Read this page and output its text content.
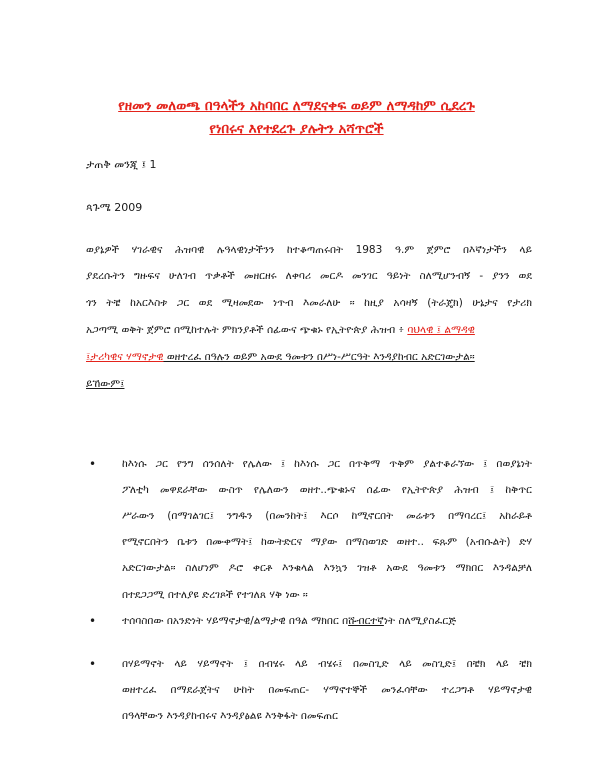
የዘመን መለወጫ በዓላችን አከባበር ለማደናቀፍ ወይም ለማዳከም ሲደረጉ
የነበሩና እየተደረጉ ያሉትን አሻጥሮች
ታጠቅ መንጂ ፤ 1
ጳጉሜ 2009
ወያኔዎች ሃገራዊና ሕዝባዊ ሉዓላዊነታችንን ከተቆጣጠሩበት 1983 ዓ.ም ጀምሮ በእኛነታችን ላይ
ያደረሱትን ግዙፍና ሁለገብ ጥቃቶች መዘርዘሩ ለቀባሪ መርዶ መንገር ዓይነት ስለሚሆንብኝ - ያንን ወደ
ጎን ትቼ ከአርእስቱ ጋር ወደ ሚዛመደው ነጥብ እመራለሁ ። ከዚያ አሳዛኝ (ትራጄክ) ሁኔታና የታሪክ
አጋጣሚ ወቅት ጀምሮ በሚከተሉት ምክንያቶች ሰፊውና ጭቁኑ የኢትዮጵያ ሕዝብ ፥ ባህላዊ ፤ ልማዳዊ
፤ታሪካዊና ሃማኖታዊ ወዘተረፈ በዓሉን ወይም አውደ ዓመቱን በሥነ-ሥርዓት እንዳያከብር አድርገውታል።
ይኸውም፤
• ከእነሱ ጋር የንግ ሰንሰለት የሌለው ፤ ከእነሱ ጋር በጥቅማ ጥቅም ያልተቆራኘው ፤ በወያኔነት
ፖለቲካ መዋደራቸው ውስጥ የሌለውን ወዘተ..ጭቁኑና ሰፊው የኢትዮጵያ ሕዝብ ፤ ከቅጥር
ሥራውን (በማገልገር፤ ንግዱን (በመንከት፤ እርሶ ከሚኖርበት መሬቱን በማባረር፤ አከራይቶ
የሚኖርበትን ቤቱን በሙቀማት፤ ከውትድርና ማያው በማስወገድ ወዘተ.. ፍጹም (አብሱልት) ድሃ
አድርገውታል። ስለሆነም ዶሮ ቀርቶ እንቁላል እንኳን ገዝቶ አውደ ዓመቱን ማክበር እንዳልቻለ
በተደጋጋሚ በተለያዩ ድረገጾች የተገለጸ ሃቅ ነው ።
• ተሰባስበው በአንድነት ሃይማኖታዊ/ልማታዊ በዓል ማክበር በሹብርተኛነት ስለሚያስፈርጅ
• በሃይማኖት ላይ ሃይማኖት ፤ በብሄሩ ላይ ብሄሩ፤ በመስጊድ ላይ መስጊድ፤ በቼክ ላይ ቼክ
ወዘተረፈ በማደራጀትና ሁከት በመፍጠር- ሃማኖተኞች መንፈሳቸው ተረጋግቶ ሃይማኖታዊ
በዓላቸውን እንዳያከብሩና እንዳያፅልዩ እንቅፋት በመፍጠር
